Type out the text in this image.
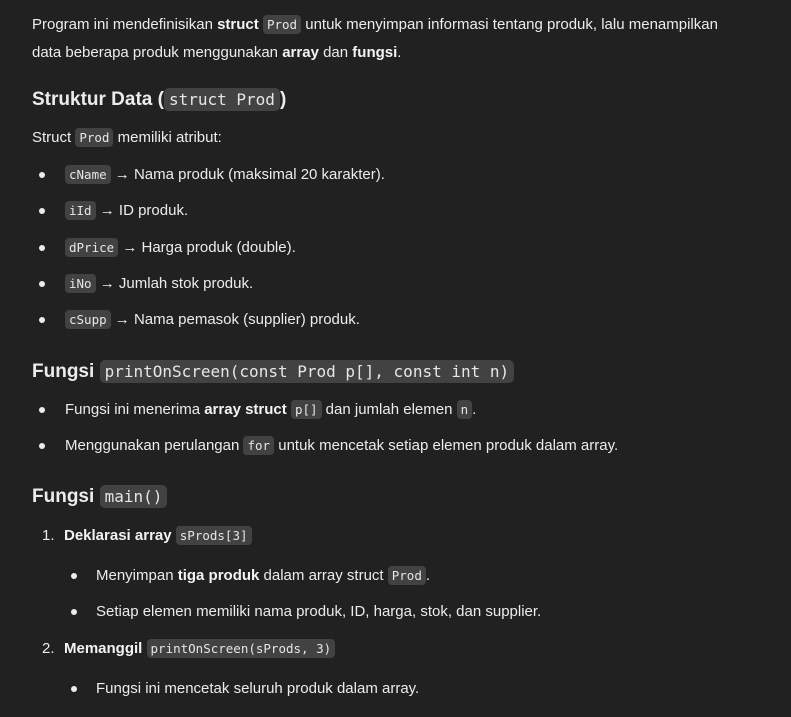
Program ini mendefinisikan struct Prod untuk menyimpan informasi tentang produk, lalu menampilkan
data beberapa produk menggunakan array dan fungsi.
Struktur Data ( struct Prod )
Struct Prod memiliki atribut:
cName → Nama produk (maksimal 20 karakter).
iId → ID produk.
dPrice → Harga produk (double).
iNo → Jumlah stok produk.
cSupp → Nama pemasok (supplier) produk.
Fungsi printOnScreen(const Prod p[], const int n)
Fungsi ini menerima array struct p[] dan jumlah elemen n .
Menggunakan perulangan for untuk mencetak setiap elemen produk dalam array.
Fungsi main()
1. Deklarasi array sProds[3]
Menyimpan tiga produk dalam array struct Prod .
Setiap elemen memiliki nama produk, ID, harga, stok, dan supplier.
2. Memanggil printOnScreen(sProds, 3)
Fungsi ini mencetak seluruh produk dalam array.
